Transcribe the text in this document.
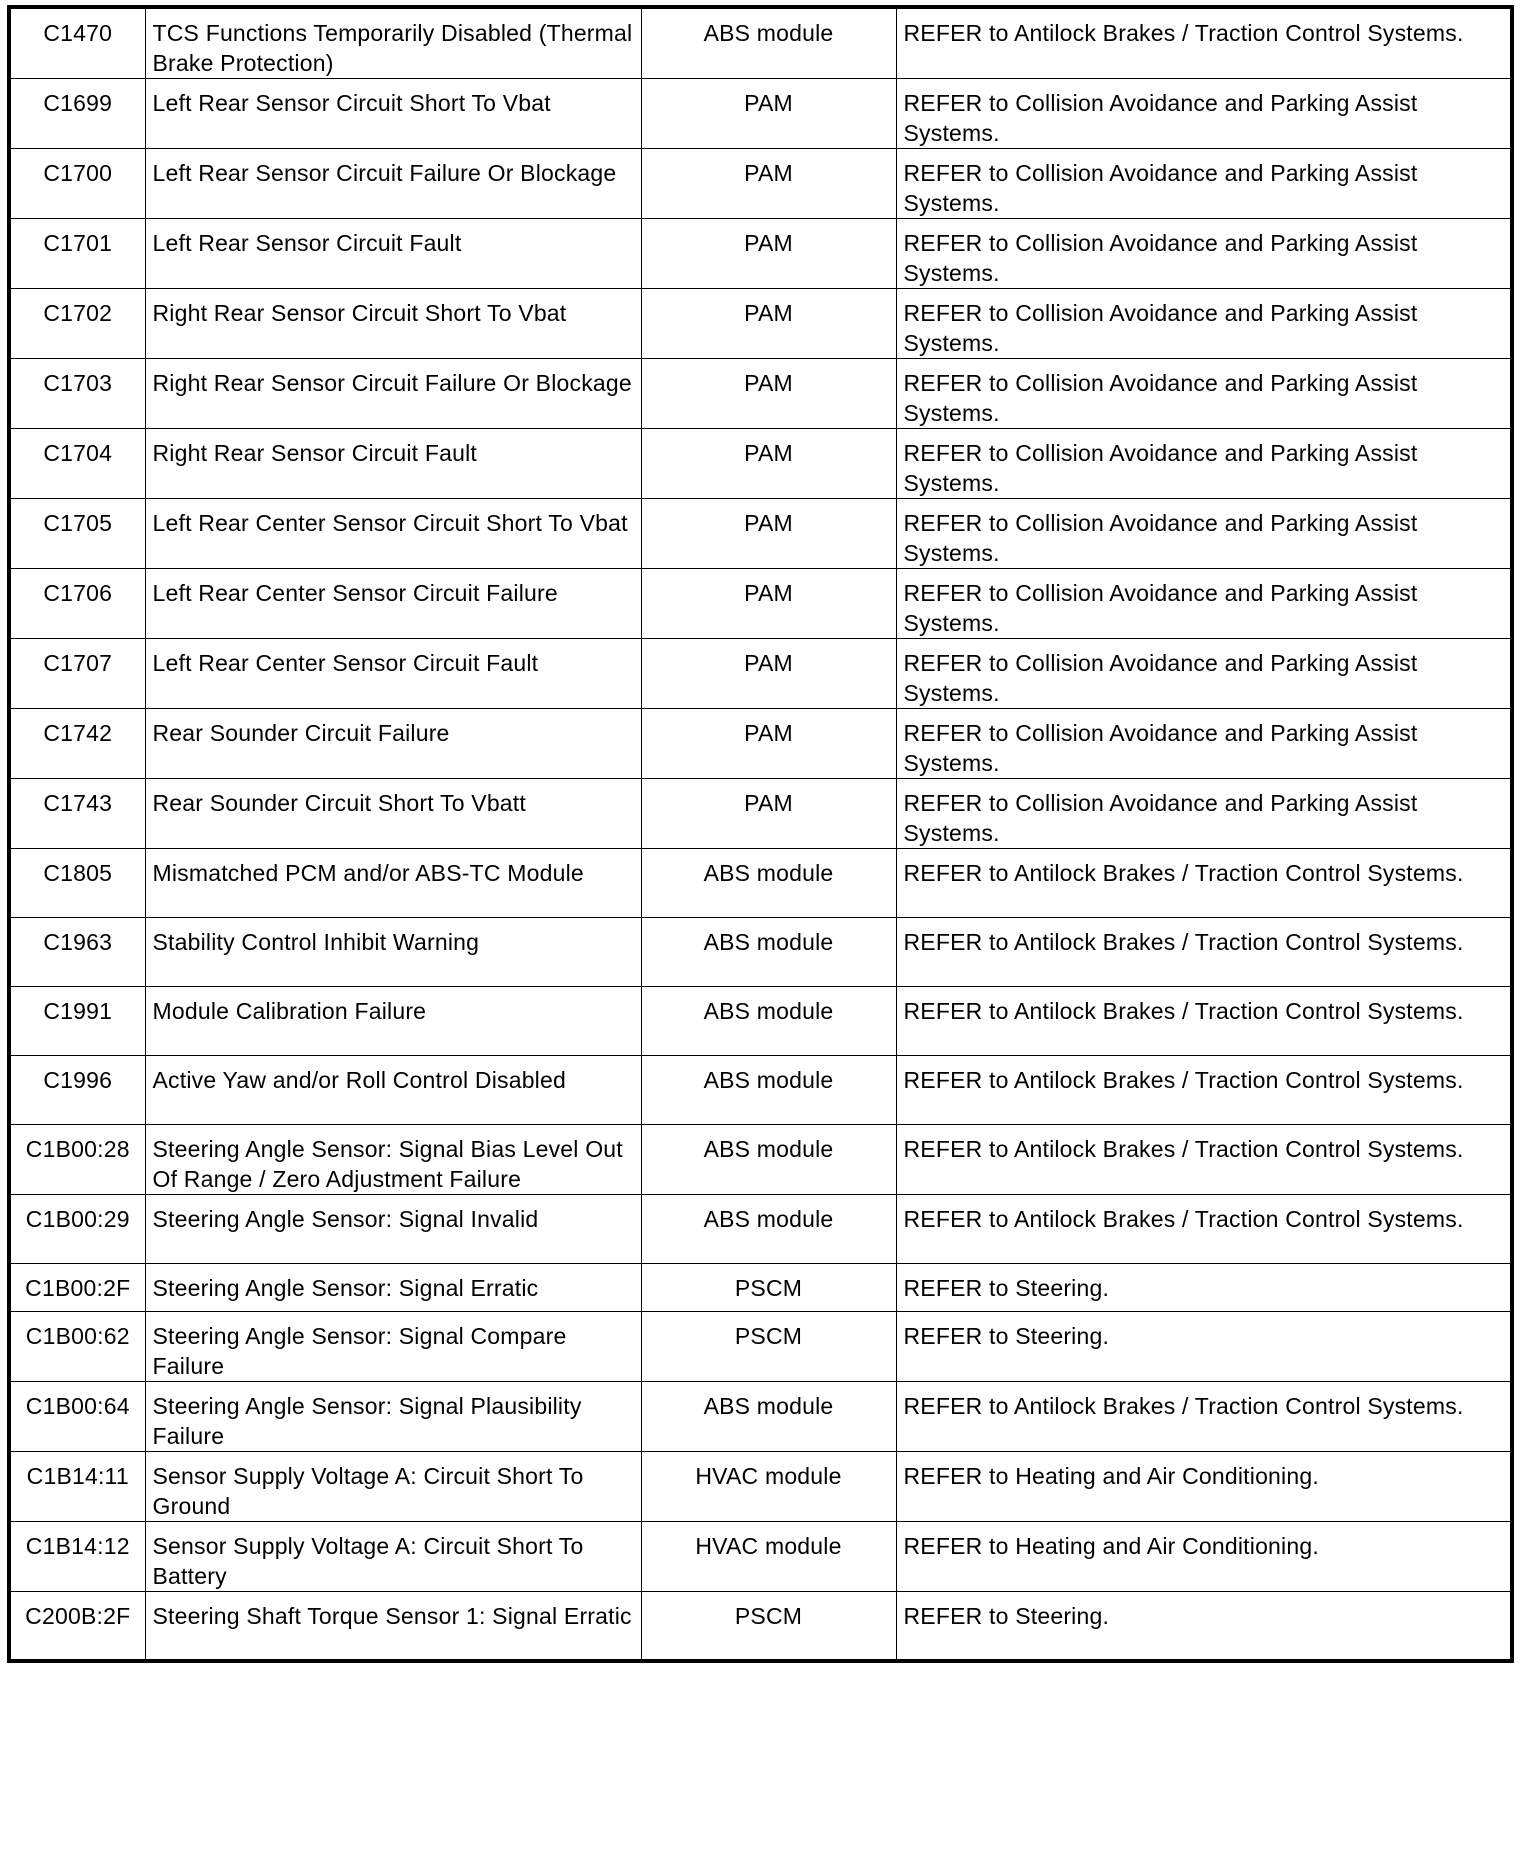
C1470	TCS Functions Temporarily Disabled (Thermal Brake Protection)	ABS module	REFER to Antilock Brakes / Traction Control Systems.
C1699	Left Rear Sensor Circuit Short To Vbat	PAM	REFER to Collision Avoidance and Parking Assist Systems.
C1700	Left Rear Sensor Circuit Failure Or Blockage	PAM	REFER to Collision Avoidance and Parking Assist Systems.
C1701	Left Rear Sensor Circuit Fault	PAM	REFER to Collision Avoidance and Parking Assist Systems.
C1702	Right Rear Sensor Circuit Short To Vbat	PAM	REFER to Collision Avoidance and Parking Assist Systems.
C1703	Right Rear Sensor Circuit Failure Or Blockage	PAM	REFER to Collision Avoidance and Parking Assist Systems.
C1704	Right Rear Sensor Circuit Fault	PAM	REFER to Collision Avoidance and Parking Assist Systems.
C1705	Left Rear Center Sensor Circuit Short To Vbat	PAM	REFER to Collision Avoidance and Parking Assist Systems.
C1706	Left Rear Center Sensor Circuit Failure	PAM	REFER to Collision Avoidance and Parking Assist Systems.
C1707	Left Rear Center Sensor Circuit Fault	PAM	REFER to Collision Avoidance and Parking Assist Systems.
C1742	Rear Sounder Circuit Failure	PAM	REFER to Collision Avoidance and Parking Assist Systems.
C1743	Rear Sounder Circuit Short To Vbatt	PAM	REFER to Collision Avoidance and Parking Assist Systems.
C1805	Mismatched PCM and/or ABS-TC Module	ABS module	REFER to Antilock Brakes / Traction Control Systems.
C1963	Stability Control Inhibit Warning	ABS module	REFER to Antilock Brakes / Traction Control Systems.
C1991	Module Calibration Failure	ABS module	REFER to Antilock Brakes / Traction Control Systems.
C1996	Active Yaw and/or Roll Control Disabled	ABS module	REFER to Antilock Brakes / Traction Control Systems.
C1B00:28	Steering Angle Sensor: Signal Bias Level Out Of Range / Zero Adjustment Failure	ABS module	REFER to Antilock Brakes / Traction Control Systems.
C1B00:29	Steering Angle Sensor: Signal Invalid	ABS module	REFER to Antilock Brakes / Traction Control Systems.
C1B00:2F	Steering Angle Sensor: Signal Erratic	PSCM	REFER to Steering.
C1B00:62	Steering Angle Sensor: Signal Compare Failure	PSCM	REFER to Steering.
C1B00:64	Steering Angle Sensor: Signal Plausibility Failure	ABS module	REFER to Antilock Brakes / Traction Control Systems.
C1B14:11	Sensor Supply Voltage A: Circuit Short To Ground	HVAC module	REFER to Heating and Air Conditioning.
C1B14:12	Sensor Supply Voltage A: Circuit Short To Battery	HVAC module	REFER to Heating and Air Conditioning.
C200B:2F	Steering Shaft Torque Sensor 1: Signal Erratic	PSCM	REFER to Steering.
